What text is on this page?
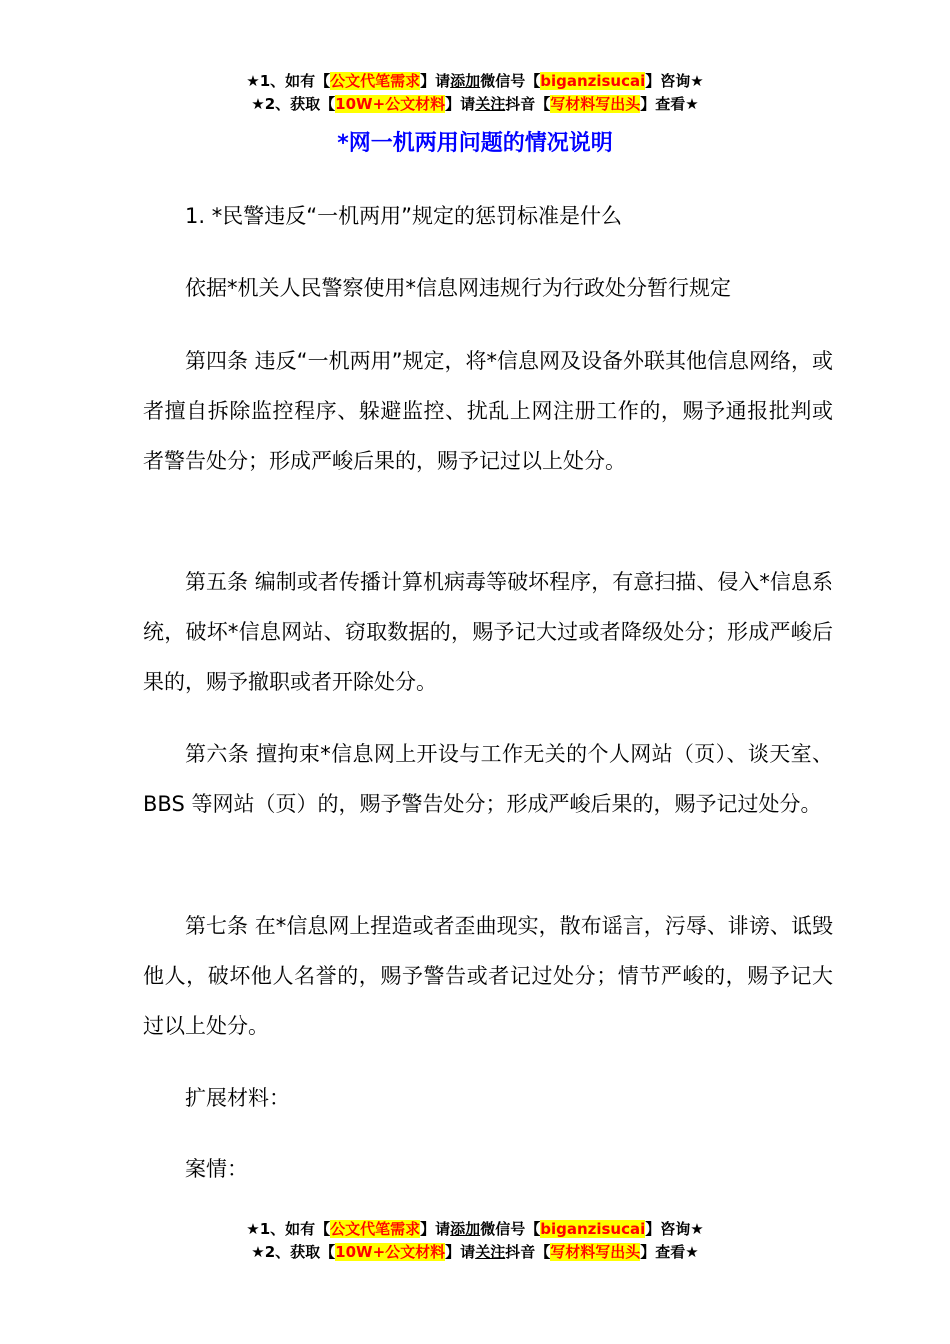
★1、如有【公文代笔需求】请添加微信号【biganzisucai】咨询★
★2、获取【10W+公文材料】请关注抖音【写材料写出头】查看★
*网一机两用问题的情况说明

1. *民警违反“一机两用”规定的惩罚标准是什么

依据*机关人民警察使用*信息网违规行为行政处分暂行规定

第四条 违反“一机两用”规定，将*信息网及设备外联其他信息网络，或者擅自拆除监控程序、躲避监控、扰乱上网注册工作的，赐予通报批判或者警告处分；形成严峻后果的，赐予记过以上处分。

第五条 编制或者传播计算机病毒等破坏程序，有意扫描、侵入*信息系统，破坏*信息网站、窃取数据的，赐予记大过或者降级处分；形成严峻后果的，赐予撤职或者开除处分。

第六条 擅拘束*信息网上开设与工作无关的个人网站（页）、谈天室、BBS 等网站（页）的，赐予警告处分；形成严峻后果的，赐予记过处分。

第七条 在*信息网上捏造或者歪曲现实，散布谣言，污辱、诽谤、诋毁他人，破坏他人名誉的，赐予警告或者记过处分；情节严峻的，赐予记大过以上处分。

扩展材料：

案情：

★1、如有【公文代笔需求】请添加微信号【biganzisucai】咨询★
★2、获取【10W+公文材料】请关注抖音【写材料写出头】查看★
